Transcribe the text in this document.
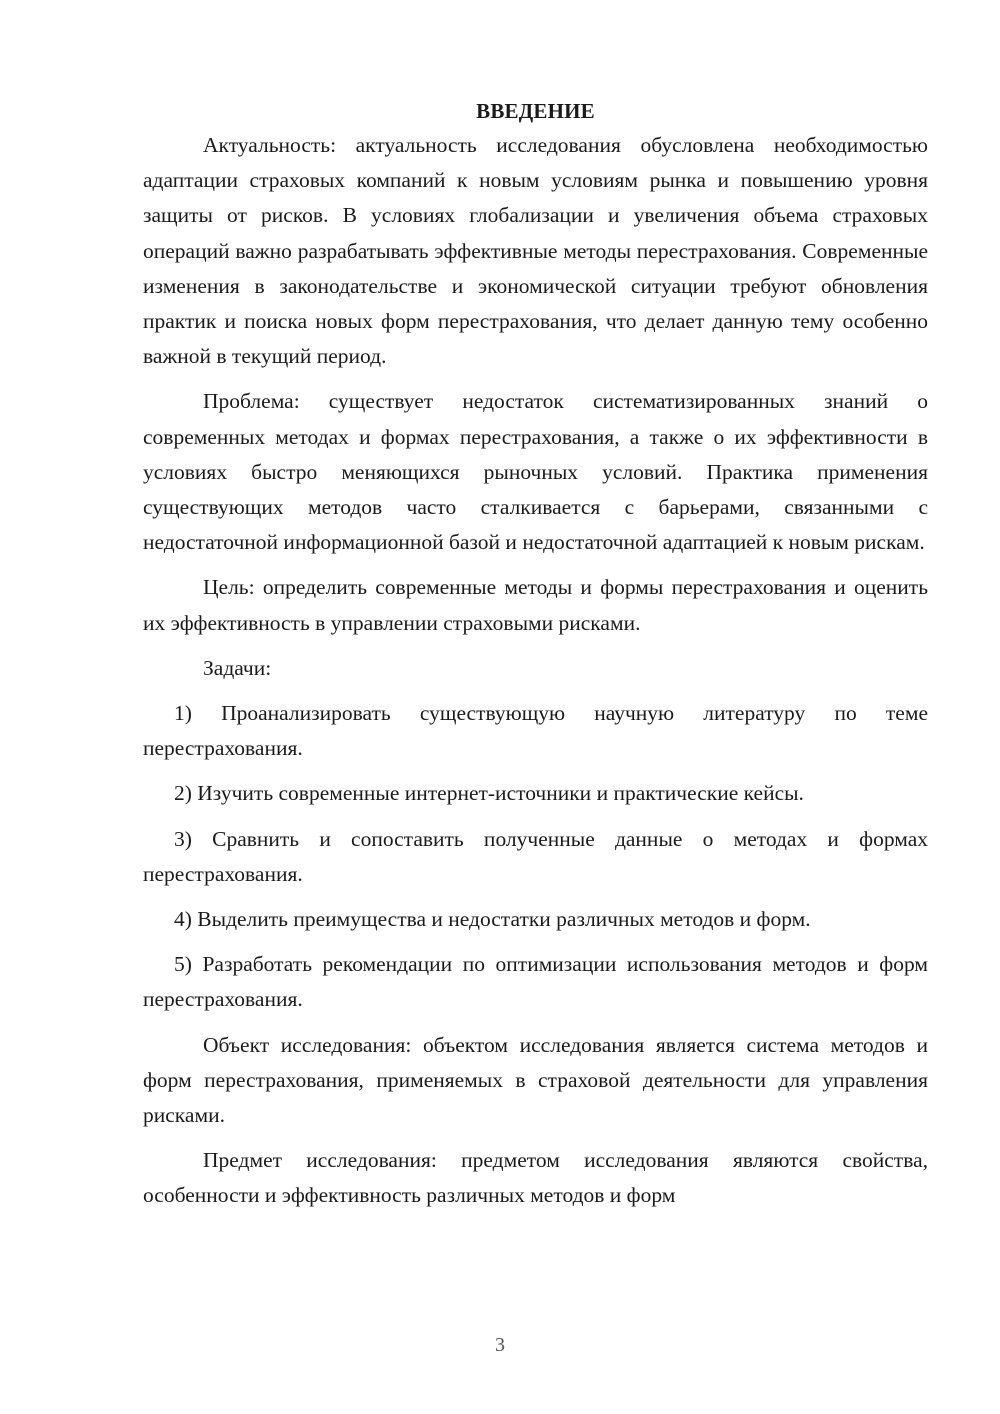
ВВЕДЕНИЕ

Актуальность: актуальность исследования обусловлена необходимостью адаптации страховых компаний к новым условиям рынка и повышению уровня защиты от рисков. В условиях глобализации и увеличения объема страховых операций важно разрабатывать эффективные методы перестрахования. Современные изменения в законодательстве и экономической ситуации требуют обновления практик и поиска новых форм перестрахования, что делает данную тему особенно важной в текущий период.

Проблема: существует недостаток систематизированных знаний о современных методах и формах перестрахования, а также о их эффективности в условиях быстро меняющихся рыночных условий. Практика применения существующих методов часто сталкивается с барьерами, связанными с недостаточной информационной базой и недостаточной адаптацией к новым рискам.

Цель: определить современные методы и формы перестрахования и оценить их эффективность в управлении страховыми рисками.

Задачи:

1) Проанализировать существующую научную литературу по теме перестрахования.

2) Изучить современные интернет-источники и практические кейсы.

3) Сравнить и сопоставить полученные данные о методах и формах перестрахования.

4) Выделить преимущества и недостатки различных методов и форм.

5) Разработать рекомендации по оптимизации использования методов и форм перестрахования.

Объект исследования: объектом исследования является система методов и форм перестрахования, применяемых в страховой деятельности для управления рисками.

Предмет исследования: предметом исследования являются свойства, особенности и эффективность различных методов и форм

3
